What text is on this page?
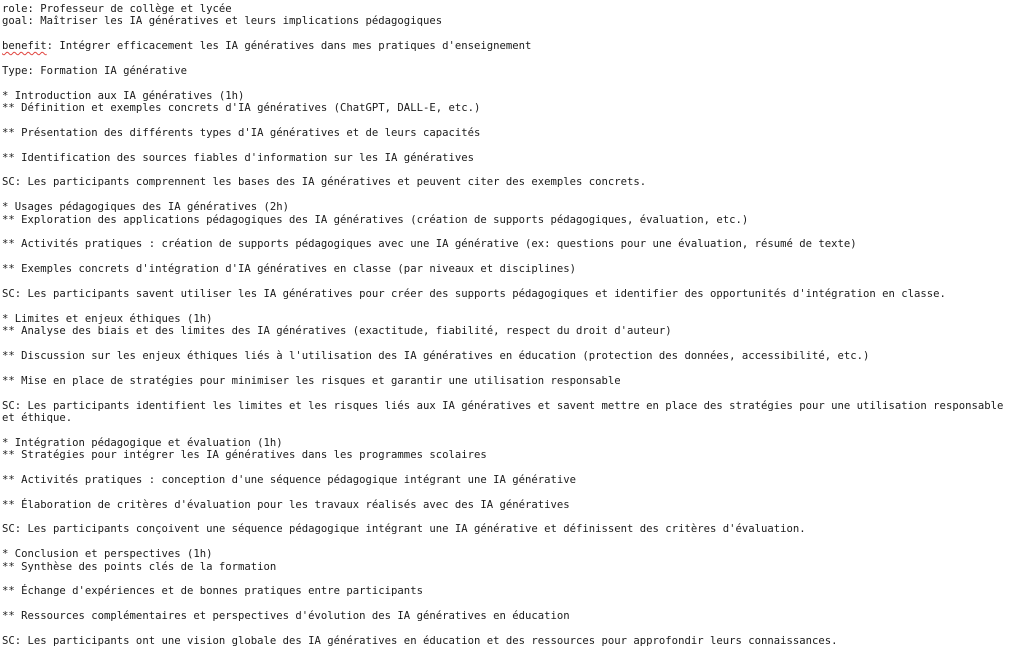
role: Professeur de collège et lycée
goal: Maîtriser les IA génératives et leurs implications pédagogiques
benefit: Intégrer efficacement les IA génératives dans mes pratiques d'enseignement
Type: Formation IA générative
* Introduction aux IA génératives (1h)
** Définition et exemples concrets d'IA génératives (ChatGPT, DALL-E, etc.)
** Présentation des différents types d'IA génératives et de leurs capacités
** Identification des sources fiables d'information sur les IA génératives
SC: Les participants comprennent les bases des IA génératives et peuvent citer des exemples concrets.
* Usages pédagogiques des IA génératives (2h)
** Exploration des applications pédagogiques des IA génératives (création de supports pédagogiques, évaluation, etc.)
** Activités pratiques : création de supports pédagogiques avec une IA générative (ex: questions pour une évaluation, résumé de texte)
** Exemples concrets d'intégration d'IA génératives en classe (par niveaux et disciplines)
SC: Les participants savent utiliser les IA génératives pour créer des supports pédagogiques et identifier des opportunités d'intégration en classe.
* Limites et enjeux éthiques (1h)
** Analyse des biais et des limites des IA génératives (exactitude, fiabilité, respect du droit d'auteur)
** Discussion sur les enjeux éthiques liés à l'utilisation des IA génératives en éducation (protection des données, accessibilité, etc.)
** Mise en place de stratégies pour minimiser les risques et garantir une utilisation responsable
SC: Les participants identifient les limites et les risques liés aux IA génératives et savent mettre en place des stratégies pour une utilisation responsable et éthique.
* Intégration pédagogique et évaluation (1h)
** Stratégies pour intégrer les IA génératives dans les programmes scolaires
** Activités pratiques : conception d'une séquence pédagogique intégrant une IA générative
** Élaboration de critères d'évaluation pour les travaux réalisés avec des IA génératives
SC: Les participants conçoivent une séquence pédagogique intégrant une IA générative et définissent des critères d'évaluation.
* Conclusion et perspectives (1h)
** Synthèse des points clés de la formation
** Échange d'expériences et de bonnes pratiques entre participants
** Ressources complémentaires et perspectives d'évolution des IA génératives en éducation
SC: Les participants ont une vision globale des IA génératives en éducation et des ressources pour approfondir leurs connaissances.
